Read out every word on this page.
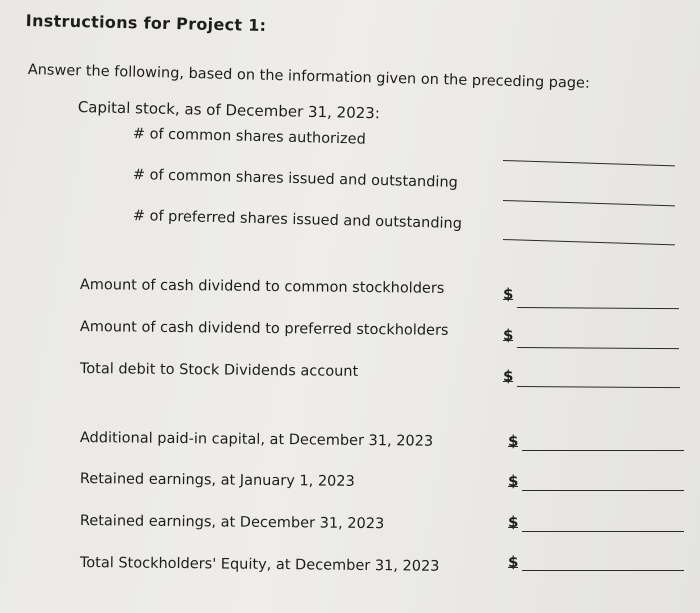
Instructions for Project 1:
Answer the following, based on the information given on the preceding page:
Capital stock, as of December 31, 2023:
# of common shares authorized
# of common shares issued and outstanding
# of preferred shares issued and outstanding
Amount of cash dividend to common stockholders	$
Amount of cash dividend to preferred stockholders	$
Total debit to Stock Dividends account	$
Additional paid-in capital, at December 31, 2023	$
Retained earnings, at January 1, 2023	$
Retained earnings, at December 31, 2023	$
Total Stockholders' Equity, at December 31, 2023	$
